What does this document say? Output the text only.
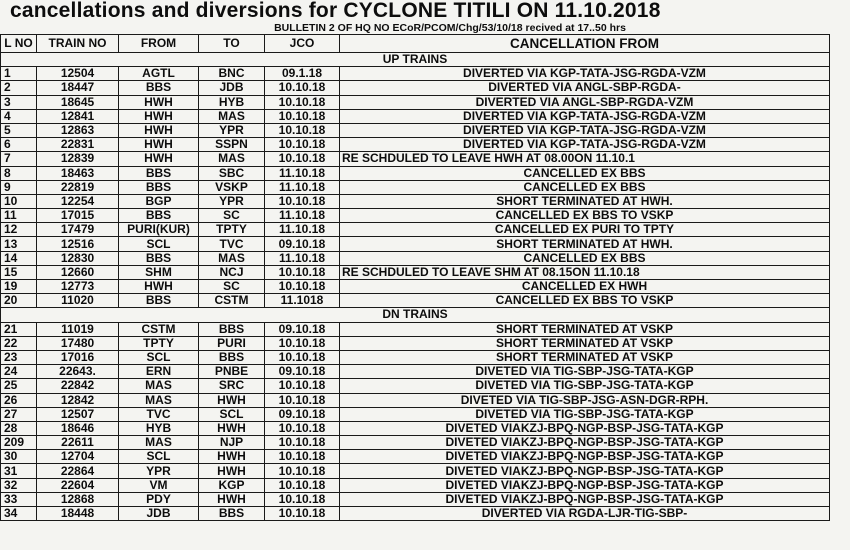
cancellations and diversions for CYCLONE TITILI ON 11.10.2018
BULLETIN 2 OF HQ NO ECoR/PCOM/Chg/53/10/18 recived at 17..50 hrs
L NO	TRAIN NO	FROM	TO	JCO	CANCELLATION FROM
UP TRAINS					
1	12504	AGTL	BNC	09.1.18	DIVERTED VIA KGP-TATA-JSG-RGDA-VZM
2	18447	BBS	JDB	10.10.18	DIVERTED VIA ANGL-SBP-RGDA-
3	18645	HWH	HYB	10.10.18	DIVERTED VIA ANGL-SBP-RGDA-VZM
4	12841	HWH	MAS	10.10.18	DIVERTED VIA KGP-TATA-JSG-RGDA-VZM
5	12863	HWH	YPR	10.10.18	DIVERTED VIA KGP-TATA-JSG-RGDA-VZM
6	22831	HWH	SSPN	10.10.18	DIVERTED VIA KGP-TATA-JSG-RGDA-VZM
7	12839	HWH	MAS	10.10.18	RE SCHDULED TO LEAVE HWH AT 08.00ON 11.10.1
8	18463	BBS	SBC	11.10.18	CANCELLED EX BBS
9	22819	BBS	VSKP	11.10.18	CANCELLED EX BBS
10	12254	BGP	YPR	10.10.18	SHORT TERMINATED AT HWH.
11	17015	BBS	SC	11.10.18	CANCELLED EX BBS TO VSKP
12	17479	PURI(KUR)	TPTY	11.10.18	CANCELLED EX PURI TO TPTY
13	12516	SCL	TVC	09.10.18	SHORT TERMINATED AT HWH.
14	12830	BBS	MAS	11.10.18	CANCELLED EX BBS
15	12660	SHM	NCJ	10.10.18	RE SCHDULED TO LEAVE SHM AT 08.15ON 11.10.18
19	12773	HWH	SC	10.10.18	CANCELLED EX HWH
20	11020	BBS	CSTM	11.1018	CANCELLED EX BBS TO VSKP
DN TRAINS					
21	11019	CSTM	BBS	09.10.18	SHORT TERMINATED AT VSKP
22	17480	TPTY	PURI	10.10.18	SHORT TERMINATED AT VSKP
23	17016	SCL	BBS	10.10.18	SHORT TERMINATED AT VSKP
24	22643.	ERN	PNBE	09.10.18	DIVETED VIA TIG-SBP-JSG-TATA-KGP
25	22842	MAS	SRC	10.10.18	DIVETED VIA TIG-SBP-JSG-TATA-KGP
26	12842	MAS	HWH	10.10.18	DIVETED VIA TIG-SBP-JSG-ASN-DGR-RPH.
27	12507	TVC	SCL	09.10.18	DIVETED VIA TIG-SBP-JSG-TATA-KGP
28	18646	HYB	HWH	10.10.18	DIVETED VIAKZJ-BPQ-NGP-BSP-JSG-TATA-KGP
209	22611	MAS	NJP	10.10.18	DIVETED VIAKZJ-BPQ-NGP-BSP-JSG-TATA-KGP
30	12704	SCL	HWH	10.10.18	DIVETED VIAKZJ-BPQ-NGP-BSP-JSG-TATA-KGP
31	22864	YPR	HWH	10.10.18	DIVETED VIAKZJ-BPQ-NGP-BSP-JSG-TATA-KGP
32	22604	VM	KGP	10.10.18	DIVETED VIAKZJ-BPQ-NGP-BSP-JSG-TATA-KGP
33	12868	PDY	HWH	10.10.18	DIVETED VIAKZJ-BPQ-NGP-BSP-JSG-TATA-KGP
34	18448	JDB	BBS	10.10.18	DIVERTED VIA RGDA-LJR-TIG-SBP-
